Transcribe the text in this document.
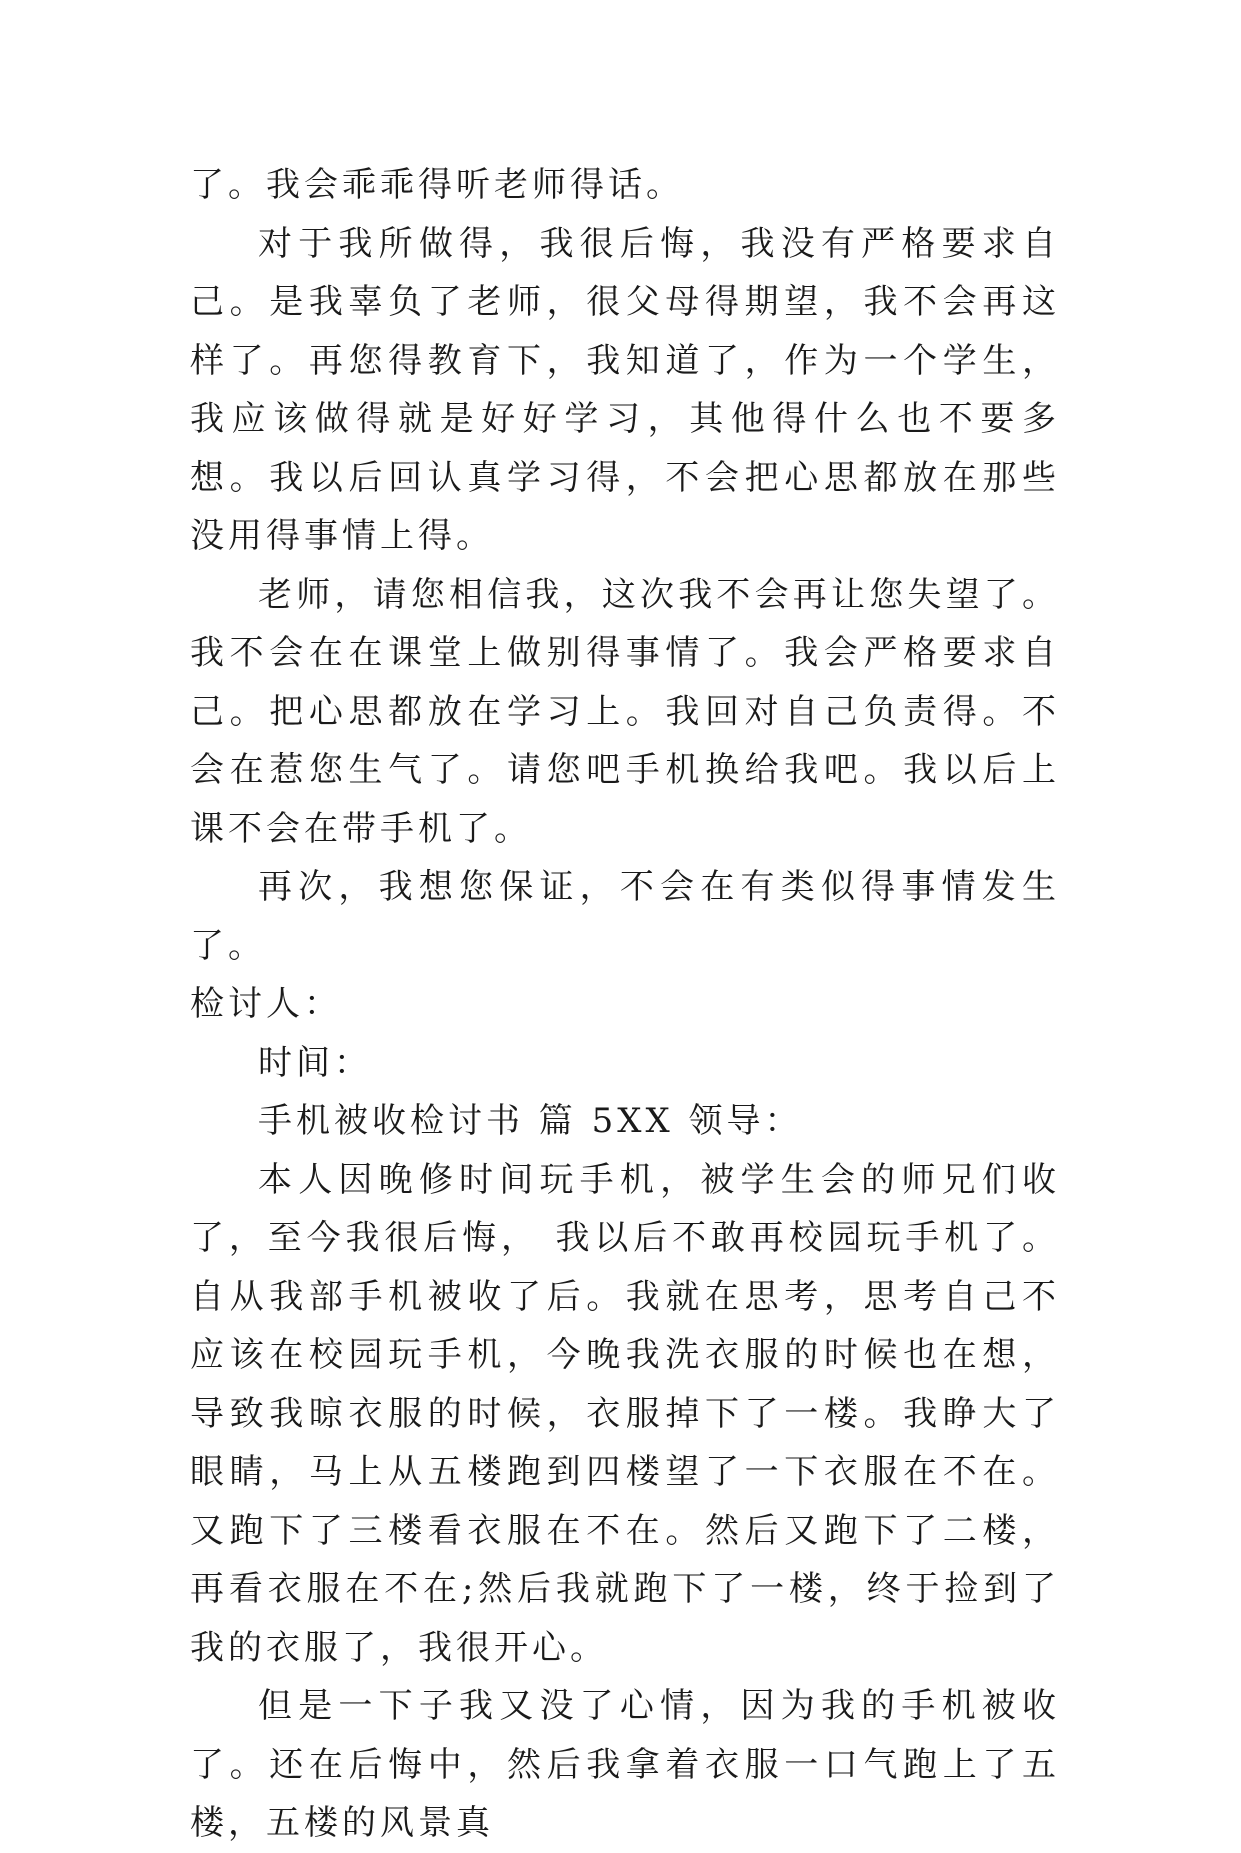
了。我会乖乖得听老师得话。

对于我所做得，我很后悔，我没有严格要求自己。是我辜负了老师，很父母得期望，我不会再这样了。再您得教育下，我知道了，作为一个学生，我应该做得就是好好学习，其他得什么也不要多想。我以后回认真学习得，不会把心思都放在那些没用得事情上得。

老师，请您相信我，这次我不会再让您失望了。我不会在在课堂上做别得事情了。我会严格要求自己。把心思都放在学习上。我回对自己负责得。不会在惹您生气了。请您吧手机换给我吧。我以后上课不会在带手机了。

再次，我想您保证，不会在有类似得事情发生了。

检讨人：

时间：

手机被收检讨书 篇 5XX 领导：

本人因晚修时间玩手机，被学生会的师兄们收了，至今我很后悔， 我以后不敢再校园玩手机了。自从我部手机被收了后。我就在思考，思考自己不应该在校园玩手机，今晚我洗衣服的时候也在想，导致我晾衣服的时候，衣服掉下了一楼。我睁大了眼睛，马上从五楼跑到四楼望了一下衣服在不在。又跑下了三楼看衣服在不在。然后又跑下了二楼，再看衣服在不在;然后我就跑下了一楼，终于捡到了我的衣服了，我很开心。

但是一下子我又没了心情，因为我的手机被收了。还在后悔中，然后我拿着衣服一口气跑上了五楼，五楼的风景真
